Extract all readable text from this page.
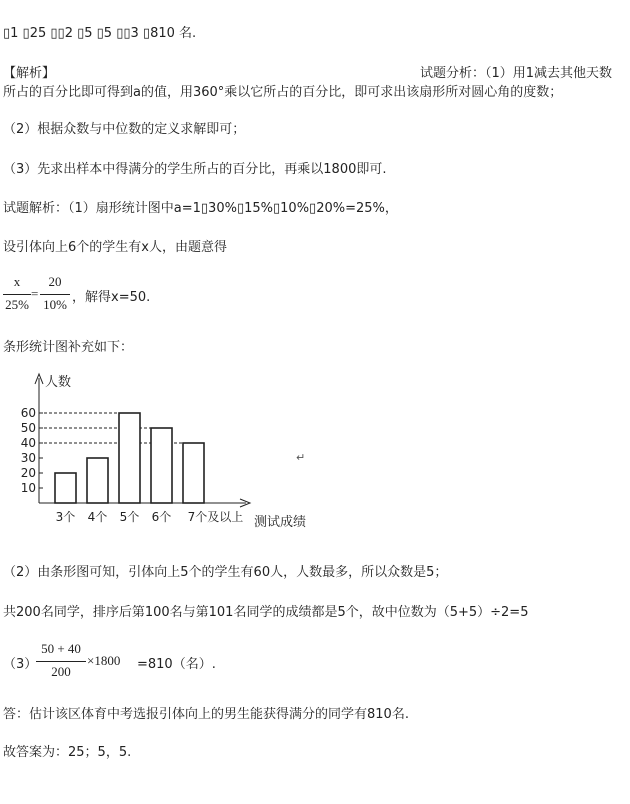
▯1 ▯25 ▯▯2 ▯5 ▯5 ▯▯3 ▯810 名.
【解析】	试题分析：（1）用1减去其他天数
所占的百分比即可得到a的值，用360°乘以它所占的百分比，即可求出该扇形所对圆心角的度数；
（2）根据众数与中位数的定义求解即可；
（3）先求出样本中得满分的学生所占的百分比，再乘以1800即可.
试题解析：（1）扇形统计图中a=1▯30%▯15%▯10%▯20%=25%，
设引体向上6个的学生有x人，由题意得
x
25%
=
20
10% ，解得x=50.
条形统计图补充如下：
10
20
30
40
50
60
3个 4个 5个 6个 7个及以上
人数
测试成绩
↵
（2）由条形图可知，引体向上5个的学生有60人，人数最多，所以众数是5；
共200名同学，排序后第100名与第101名同学的成绩都是5个，故中位数为（5+5）÷2=5
（3）
50 + 40
200
×1800 =810（名）.
答：估计该区体育中考选报引体向上的男生能获得满分的同学有810名.
故答案为：25；5，5.
